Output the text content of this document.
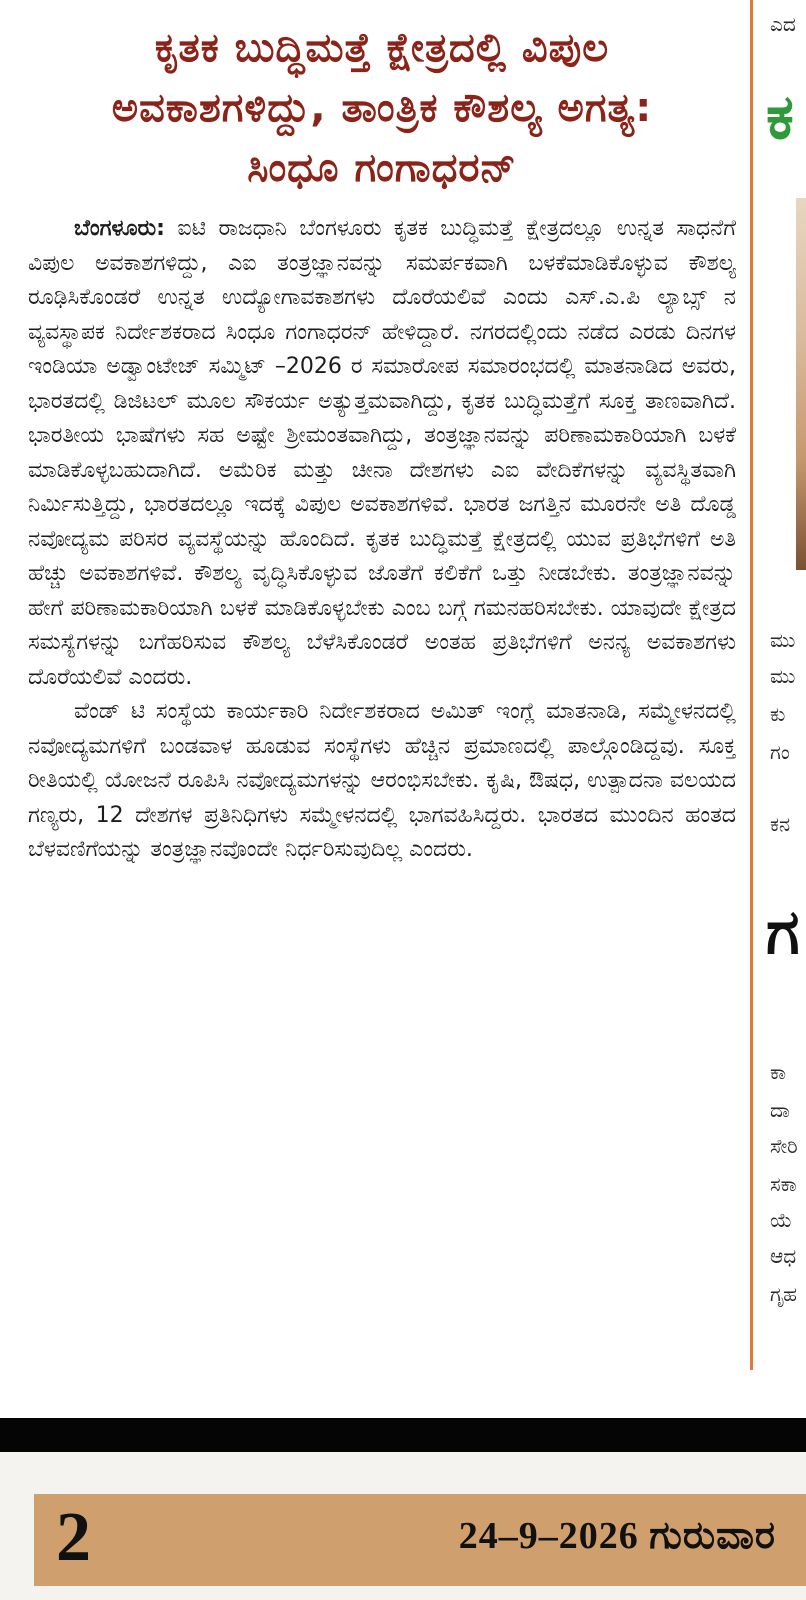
ಕೃತಕ ಬುದ್ಧಿಮತ್ತೆ ಕ್ಷೇತ್ರದಲ್ಲಿ ವಿಪುಲ
ಅವಕಾಶಗಳಿದ್ದು, ತಾಂತ್ರಿಕ ಕೌಶಲ್ಯ ಅಗತ್ಯ:
ಸಿಂಧೂ ಗಂಗಾಧರನ್

ಬೆಂಗಳೂರು: ಐಟಿ ರಾಜಧಾನಿ ಬೆಂಗಳೂರು ಕೃತಕ ಬುದ್ಧಿಮತ್ತೆ ಕ್ಷೇತ್ರದಲ್ಲೂ ಉನ್ನತ ಸಾಧನೆಗೆ ವಿಪುಲ ಅವಕಾಶಗಳಿದ್ದು, ಎಐ ತಂತ್ರಜ್ಞಾನವನ್ನು ಸಮರ್ಪಕವಾಗಿ ಬಳಕೆಮಾಡಿಕೊಳ್ಳುವ ಕೌಶಲ್ಯ ರೂಢಿಸಿಕೊಂಡರೆ ಉನ್ನತ ಉದ್ಯೋಗಾವಕಾಶಗಳು ದೊರೆಯಲಿವೆ ಎಂದು ಎಸ್.ಎ.ಪಿ ಲ್ಯಾಬ್ಸ್ ನ ವ್ಯವಸ್ಥಾಪಕ ನಿರ್ದೇಶಕರಾದ ಸಿಂಧೂ ಗಂಗಾಧರನ್ ಹೇಳಿದ್ದಾರೆ. ನಗರದಲ್ಲಿಂದು ನಡೆದ ಎರಡು ದಿನಗಳ ಇಂಡಿಯಾ ಅಡ್ವಾಂಟೇಜ್ ಸಮ್ಮಿಟ್ –2026 ರ ಸಮಾರೋಪ ಸಮಾರಂಭದಲ್ಲಿ ಮಾತನಾಡಿದ ಅವರು, ಭಾರತದಲ್ಲಿ ಡಿಜಿಟಲ್ ಮೂಲ ಸೌಕರ್ಯ ಅತ್ಯುತ್ತಮವಾಗಿದ್ದು, ಕೃತಕ ಬುದ್ಧಿಮತ್ತೆಗೆ ಸೂಕ್ತ ತಾಣವಾಗಿದೆ. ಭಾರತೀಯ ಭಾಷೆಗಳು ಸಹ ಅಷ್ಟೇ ಶ್ರೀಮಂತವಾಗಿದ್ದು, ತಂತ್ರಜ್ಞಾನವನ್ನು ಪರಿಣಾಮಕಾರಿಯಾಗಿ ಬಳಕೆ ಮಾಡಿಕೊಳ್ಳಬಹುದಾಗಿದೆ. ಅಮೆರಿಕ ಮತ್ತು ಚೀನಾ ದೇಶಗಳು ಎಐ ವೇದಿಕೆಗಳನ್ನು ವ್ಯವಸ್ಥಿತವಾಗಿ ನಿರ್ಮಿಸುತ್ತಿದ್ದು, ಭಾರತದಲ್ಲೂ ಇದಕ್ಕೆ ವಿಪುಲ ಅವಕಾಶಗಳಿವೆ. ಭಾರತ ಜಗತ್ತಿನ ಮೂರನೇ ಅತಿ ದೊಡ್ಡ ನವೋದ್ಯಮ ಪರಿಸರ ವ್ಯವಸ್ಥೆಯನ್ನು ಹೊಂದಿದೆ. ಕೃತಕ ಬುದ್ಧಿಮತ್ತೆ ಕ್ಷೇತ್ರದಲ್ಲಿ ಯುವ ಪ್ರತಿಭೆಗಳಿಗೆ ಅತಿ ಹೆಚ್ಚು ಅವಕಾಶಗಳಿವೆ. ಕೌಶಲ್ಯ ವೃದ್ಧಿಸಿಕೊಳ್ಳುವ ಜೊತೆಗೆ ಕಲಿಕೆಗೆ ಒತ್ತು ನೀಡಬೇಕು. ತಂತ್ರಜ್ಞಾನವನ್ನು ಹೇಗೆ ಪರಿಣಾಮಕಾರಿಯಾಗಿ ಬಳಕೆ ಮಾಡಿಕೊಳ್ಳಬೇಕು ಎಂಬ ಬಗ್ಗೆ ಗಮನಹರಿಸಬೇಕು. ಯಾವುದೇ ಕ್ಷೇತ್ರದ ಸಮಸ್ಯೆಗಳನ್ನು ಬಗೆಹರಿಸುವ ಕೌಶಲ್ಯ ಬೆಳೆಸಿಕೊಂಡರೆ ಅಂತಹ ಪ್ರತಿಭೆಗಳಿಗೆ ಅನನ್ಯ ಅವಕಾಶಗಳು ದೊರೆಯಲಿವೆ ಎಂದರು.

ವೆಂಡ್ ಟಿ ಸಂಸ್ಥೆಯ ಕಾರ್ಯಕಾರಿ ನಿರ್ದೇಶಕರಾದ ಅಮಿತ್ ಇಂಗ್ಲೆ ಮಾತನಾಡಿ, ಸಮ್ಮೇಳನದಲ್ಲಿ ನವೋದ್ಯಮಗಳಿಗೆ ಬಂಡವಾಳ ಹೂಡುವ ಸಂಸ್ಥೆಗಳು ಹೆಚ್ಚಿನ ಪ್ರಮಾಣದಲ್ಲಿ ಪಾಲ್ಗೊಂಡಿದ್ದವು. ಸೂಕ್ತ ರೀತಿಯಲ್ಲಿ ಯೋಜನೆ ರೂಪಿಸಿ ನವೋದ್ಯಮಗಳನ್ನು ಆರಂಭಿಸಬೇಕು. ಕೃಷಿ, ಔಷಧ, ಉತ್ಪಾದನಾ ವಲಯದ ಗಣ್ಯರು, 12 ದೇಶಗಳ ಪ್ರತಿನಿಧಿಗಳು ಸಮ್ಮೇಳನದಲ್ಲಿ ಭಾಗವಹಿಸಿದ್ದರು. ಭಾರತದ ಮುಂದಿನ ಹಂತದ ಬೆಳವಣಿಗೆಯನ್ನು ತಂತ್ರಜ್ಞಾನವೊಂದೇ ನಿರ್ಧರಿಸುವುದಿಲ್ಲ ಎಂದರು.

ಎದ
ಕ
ಮು
ಮು
ಕು
ಗಂ
ಕನ
ಗ
ಕಾ
ದಾ
ಸೇರಿ
ಸಕಾ
ಯೆ
ಆಧ
ಗೃಹ
2	24–9–2026 ಗುರುವಾರ
